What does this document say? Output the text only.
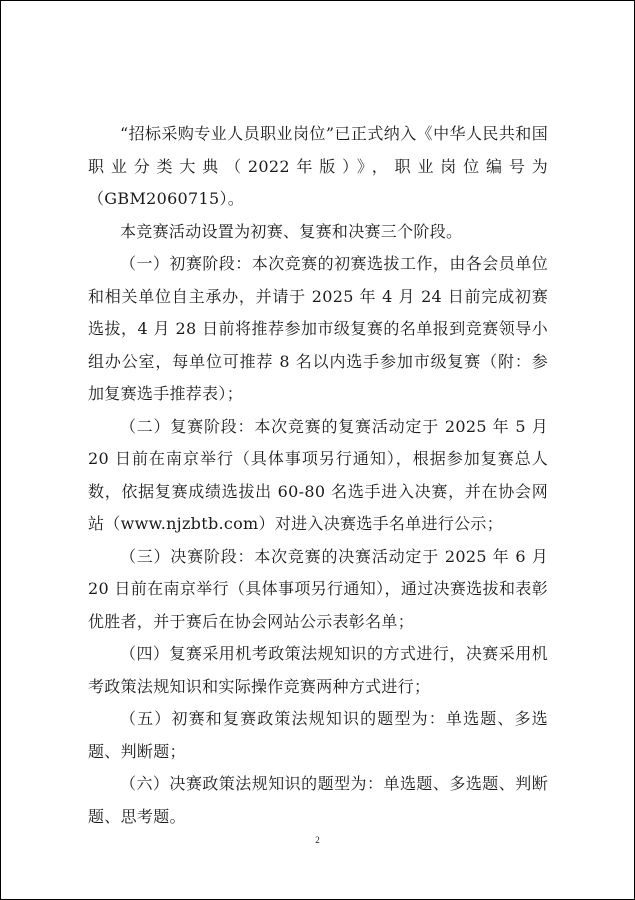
“招标采购专业人员职业岗位”已正式纳入《中华人民共和国职业分类大典（2022年版）》，职业岗位编号为（GBM2060715）。

本竞赛活动设置为初赛、复赛和决赛三个阶段。

（一）初赛阶段：本次竞赛的初赛选拔工作，由各会员单位和相关单位自主承办，并请于 2025 年 4 月 24 日前完成初赛选拔，4 月 28 日前将推荐参加市级复赛的名单报到竞赛领导小组办公室，每单位可推荐 8 名以内选手参加市级复赛（附：参加复赛选手推荐表）；

（二）复赛阶段：本次竞赛的复赛活动定于 2025 年 5 月 20 日前在南京举行（具体事项另行通知），根据参加复赛总人数，依据复赛成绩选拔出 60-80 名选手进入决赛，并在协会网站（www.njzbtb.com）对进入决赛选手名单进行公示；

（三）决赛阶段：本次竞赛的决赛活动定于 2025 年 6 月 20 日前在南京举行（具体事项另行通知），通过决赛选拔和表彰优胜者，并于赛后在协会网站公示表彰名单；

（四）复赛采用机考政策法规知识的方式进行，决赛采用机考政策法规知识和实际操作竞赛两种方式进行；

（五）初赛和复赛政策法规知识的题型为：单选题、多选题、判断题；

（六）决赛政策法规知识的题型为：单选题、多选题、判断题、思考题。

2
